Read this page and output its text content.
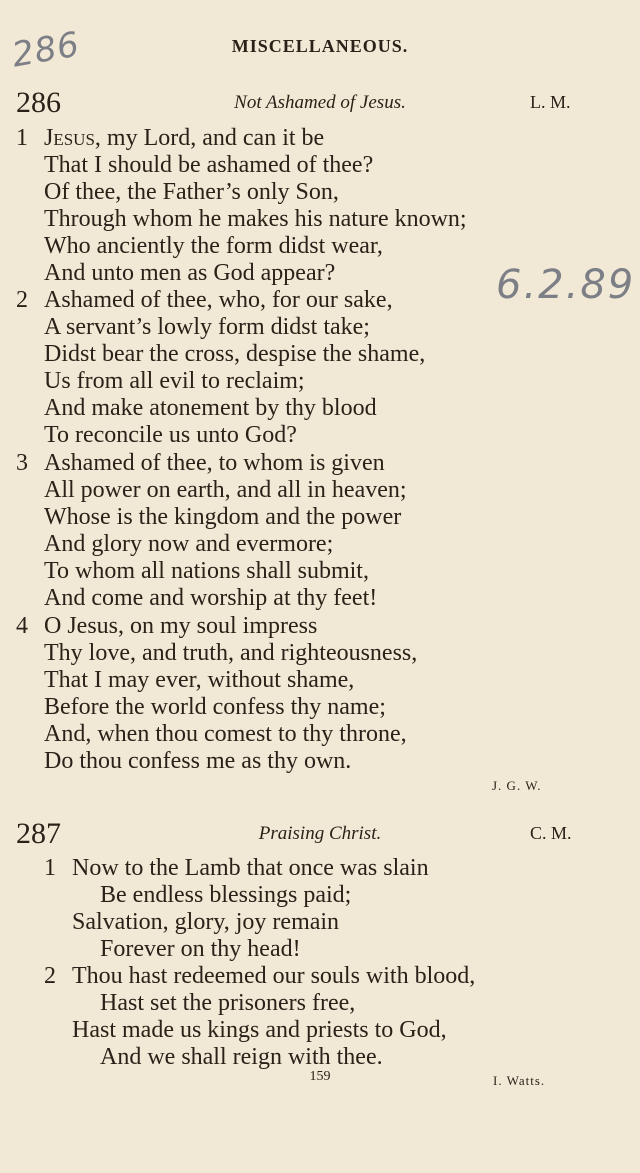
286	MISCELLANEOUS.
286	Not Ashamed of Jesus.	L. M.
1 Jesus, my Lord, and can it be
That I should be ashamed of thee?
Of thee, the Father’s only Son,
Through whom he makes his nature known;
Who anciently the form didst wear,
And unto men as God appear?
2 Ashamed of thee, who, for our sake,
A servant’s lowly form didst take;
Didst bear the cross, despise the shame,
Us from all evil to reclaim;
And make atonement by thy blood
To reconcile us unto God?
3 Ashamed of thee, to whom is given
All power on earth, and all in heaven;
Whose is the kingdom and the power
And glory now and evermore;
To whom all nations shall submit,
And come and worship at thy feet!
4 O Jesus, on my soul impress
Thy love, and truth, and righteousness,
That I may ever, without shame,
Before the world confess thy name;
And, when thou comest to thy throne,
Do thou confess me as thy own.
J. G. W.
287	Praising Christ.	C. M.
1 Now to the Lamb that once was slain
Be endless blessings paid;
Salvation, glory, joy remain
Forever on thy head!
2 Thou hast redeemed our souls with blood,
Hast set the prisoners free,
Hast made us kings and priests to God,
And we shall reign with thee.
159	I. Watts.
6.2.89
